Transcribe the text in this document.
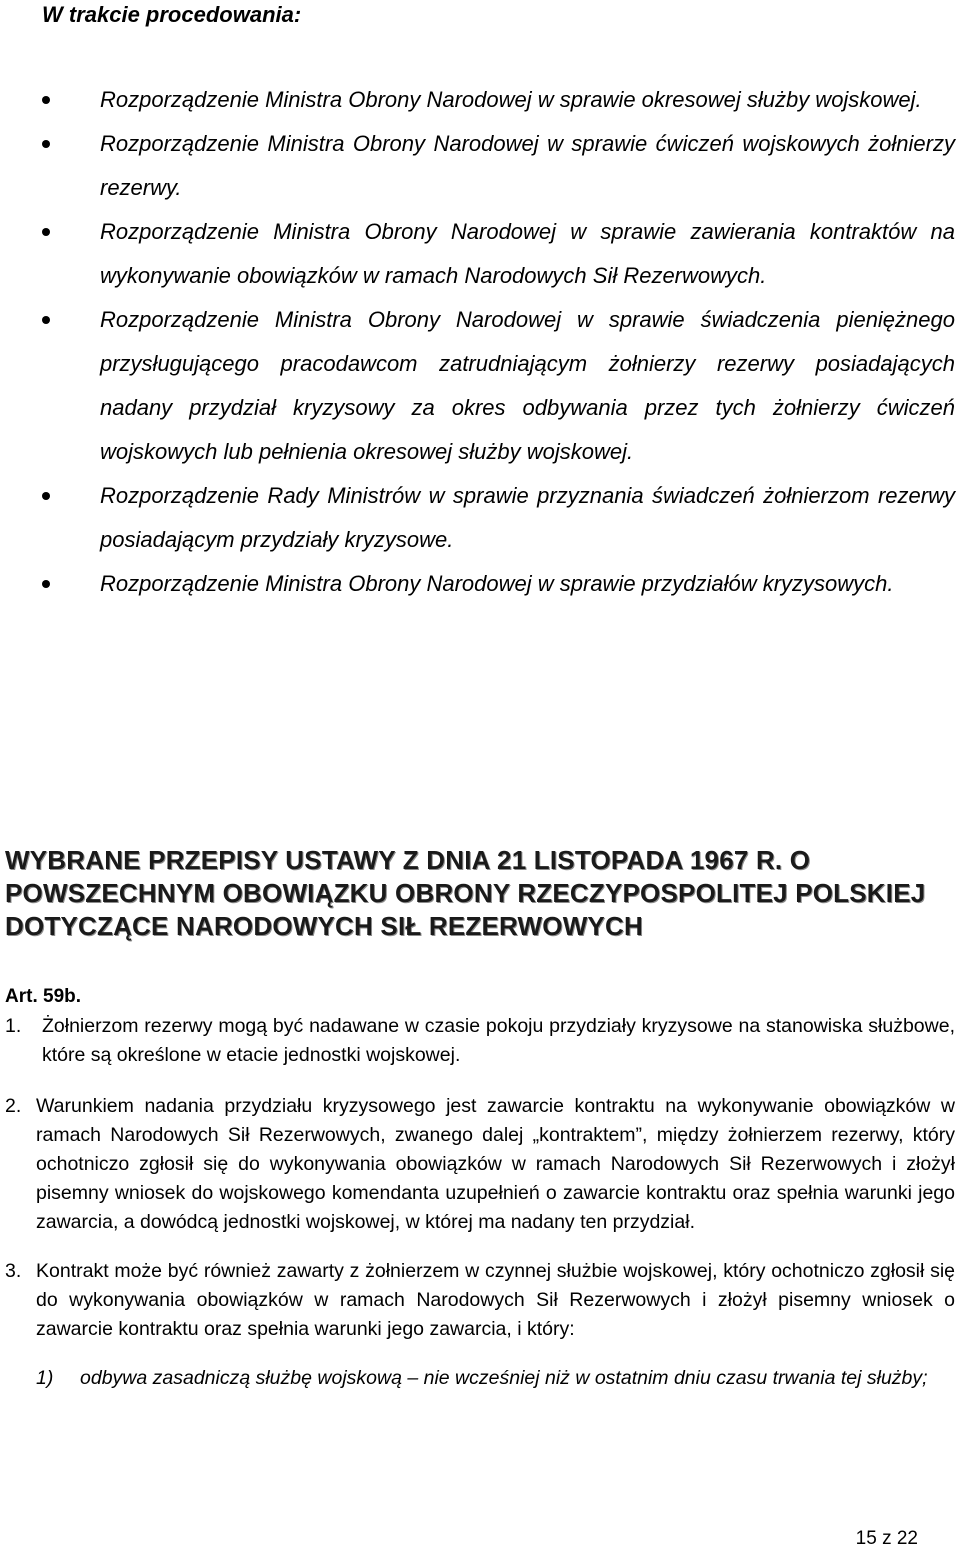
W trakcie procedowania:
Rozporządzenie Ministra Obrony Narodowej w sprawie okresowej służby wojskowej.
Rozporządzenie Ministra Obrony Narodowej w sprawie ćwiczeń wojskowych żołnierzy rezerwy.
Rozporządzenie Ministra Obrony Narodowej w sprawie zawierania kontraktów na wykonywanie obowiązków w ramach Narodowych Sił Rezerwowych.
Rozporządzenie Ministra Obrony Narodowej w sprawie świadczenia pieniężnego przysługującego pracodawcom zatrudniającym żołnierzy rezerwy posiadających nadany przydział kryzysowy za okres odbywania przez tych żołnierzy ćwiczeń wojskowych lub pełnienia okresowej służby wojskowej.
Rozporządzenie Rady Ministrów w sprawie przyznania świadczeń żołnierzom rezerwy posiadającym przydziały kryzysowe.
Rozporządzenie Ministra Obrony Narodowej w sprawie przydziałów kryzysowych.
WYBRANE PRZEPISY USTAWY Z DNIA 21 LISTOPADA 1967 R. O POWSZECHNYM OBOWIĄZKU OBRONY RZECZYPOSPOLITEJ POLSKIEJ DOTYCZĄCE NARODOWYCH SIŁ REZERWOWYCH

Art. 59b.

1. Żołnierzom rezerwy mogą być nadawane w czasie pokoju przydziały kryzysowe na stanowiska służbowe, które są określone w etacie jednostki wojskowej.
2. Warunkiem nadania przydziału kryzysowego jest zawarcie kontraktu na wykonywanie obowiązków w ramach Narodowych Sił Rezerwowych, zwanego dalej „kontraktem”, między żołnierzem rezerwy, który ochotniczo zgłosił się do wykonywania obowiązków w ramach Narodowych Sił Rezerwowych i złożył pisemny wniosek do wojskowego komendanta uzupełnień o zawarcie kontraktu oraz spełnia warunki jego zawarcia, a dowódcą jednostki wojskowej, w której ma nadany ten przydział.
3. Kontrakt może być również zawarty z żołnierzem w czynnej służbie wojskowej, który ochotniczo zgłosił się do wykonywania obowiązków w ramach Narodowych Sił Rezerwowych i złożył pisemny wniosek o zawarcie kontraktu oraz spełnia warunki jego zawarcia, i który:
1) odbywa zasadniczą służbę wojskową – nie wcześniej niż w ostatnim dniu czasu trwania tej służby;
15 z 22
